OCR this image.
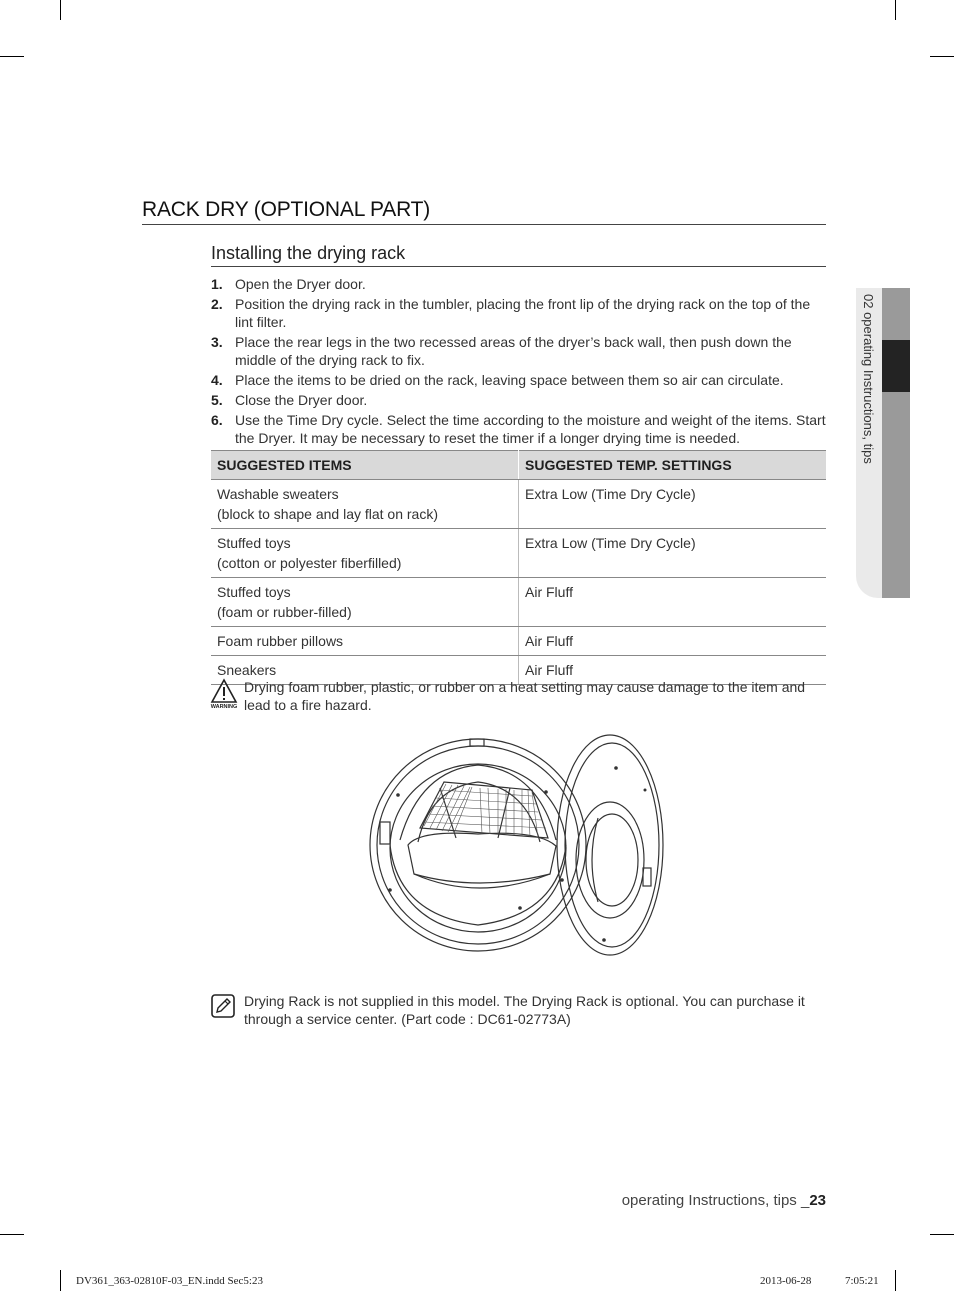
RACK DRY (OPTIONAL PART)
Installing the drying rack
1. Open the Dryer door.
2. Position the drying rack in the tumbler, placing the front lip of the drying rack on the top of the lint filter.
3. Place the rear legs in the two recessed areas of the dryer’s back wall, then push down the middle of the drying rack to fix.
4. Place the items to be dried on the rack, leaving space between them so air can circulate.
5. Close the Dryer door.
6. Use the Time Dry cycle. Select the time according to the moisture and weight of the items. Start the Dryer. It may be necessary to reset the timer if a longer drying time is needed.
SUGGESTED ITEMS	SUGGESTED TEMP. SETTINGS

Washable sweaters
(block to shape and lay flat on rack)	Extra Low (Time Dry Cycle)

Stuffed toys
(cotton or polyester fiberfilled)	Extra Low (Time Dry Cycle)

Stuffed toys
(foam or rubber-filled)	Air Fluff

Foam rubber pillows	Air Fluff

Sneakers	Air Fluff
WARNING
Drying foam rubber, plastic, or rubber on a heat setting may cause damage to the item and lead to a fire hazard.
Drying Rack is not supplied in this model. The Drying Rack is optional. You can purchase it through a service center. (Part code : DC61-02773A)
02 operating Instructions, tips
operating Instructions, tips _23
DV361_363-02810F-03_EN.indd Sec5:23	2013-06-28	7:05:21
